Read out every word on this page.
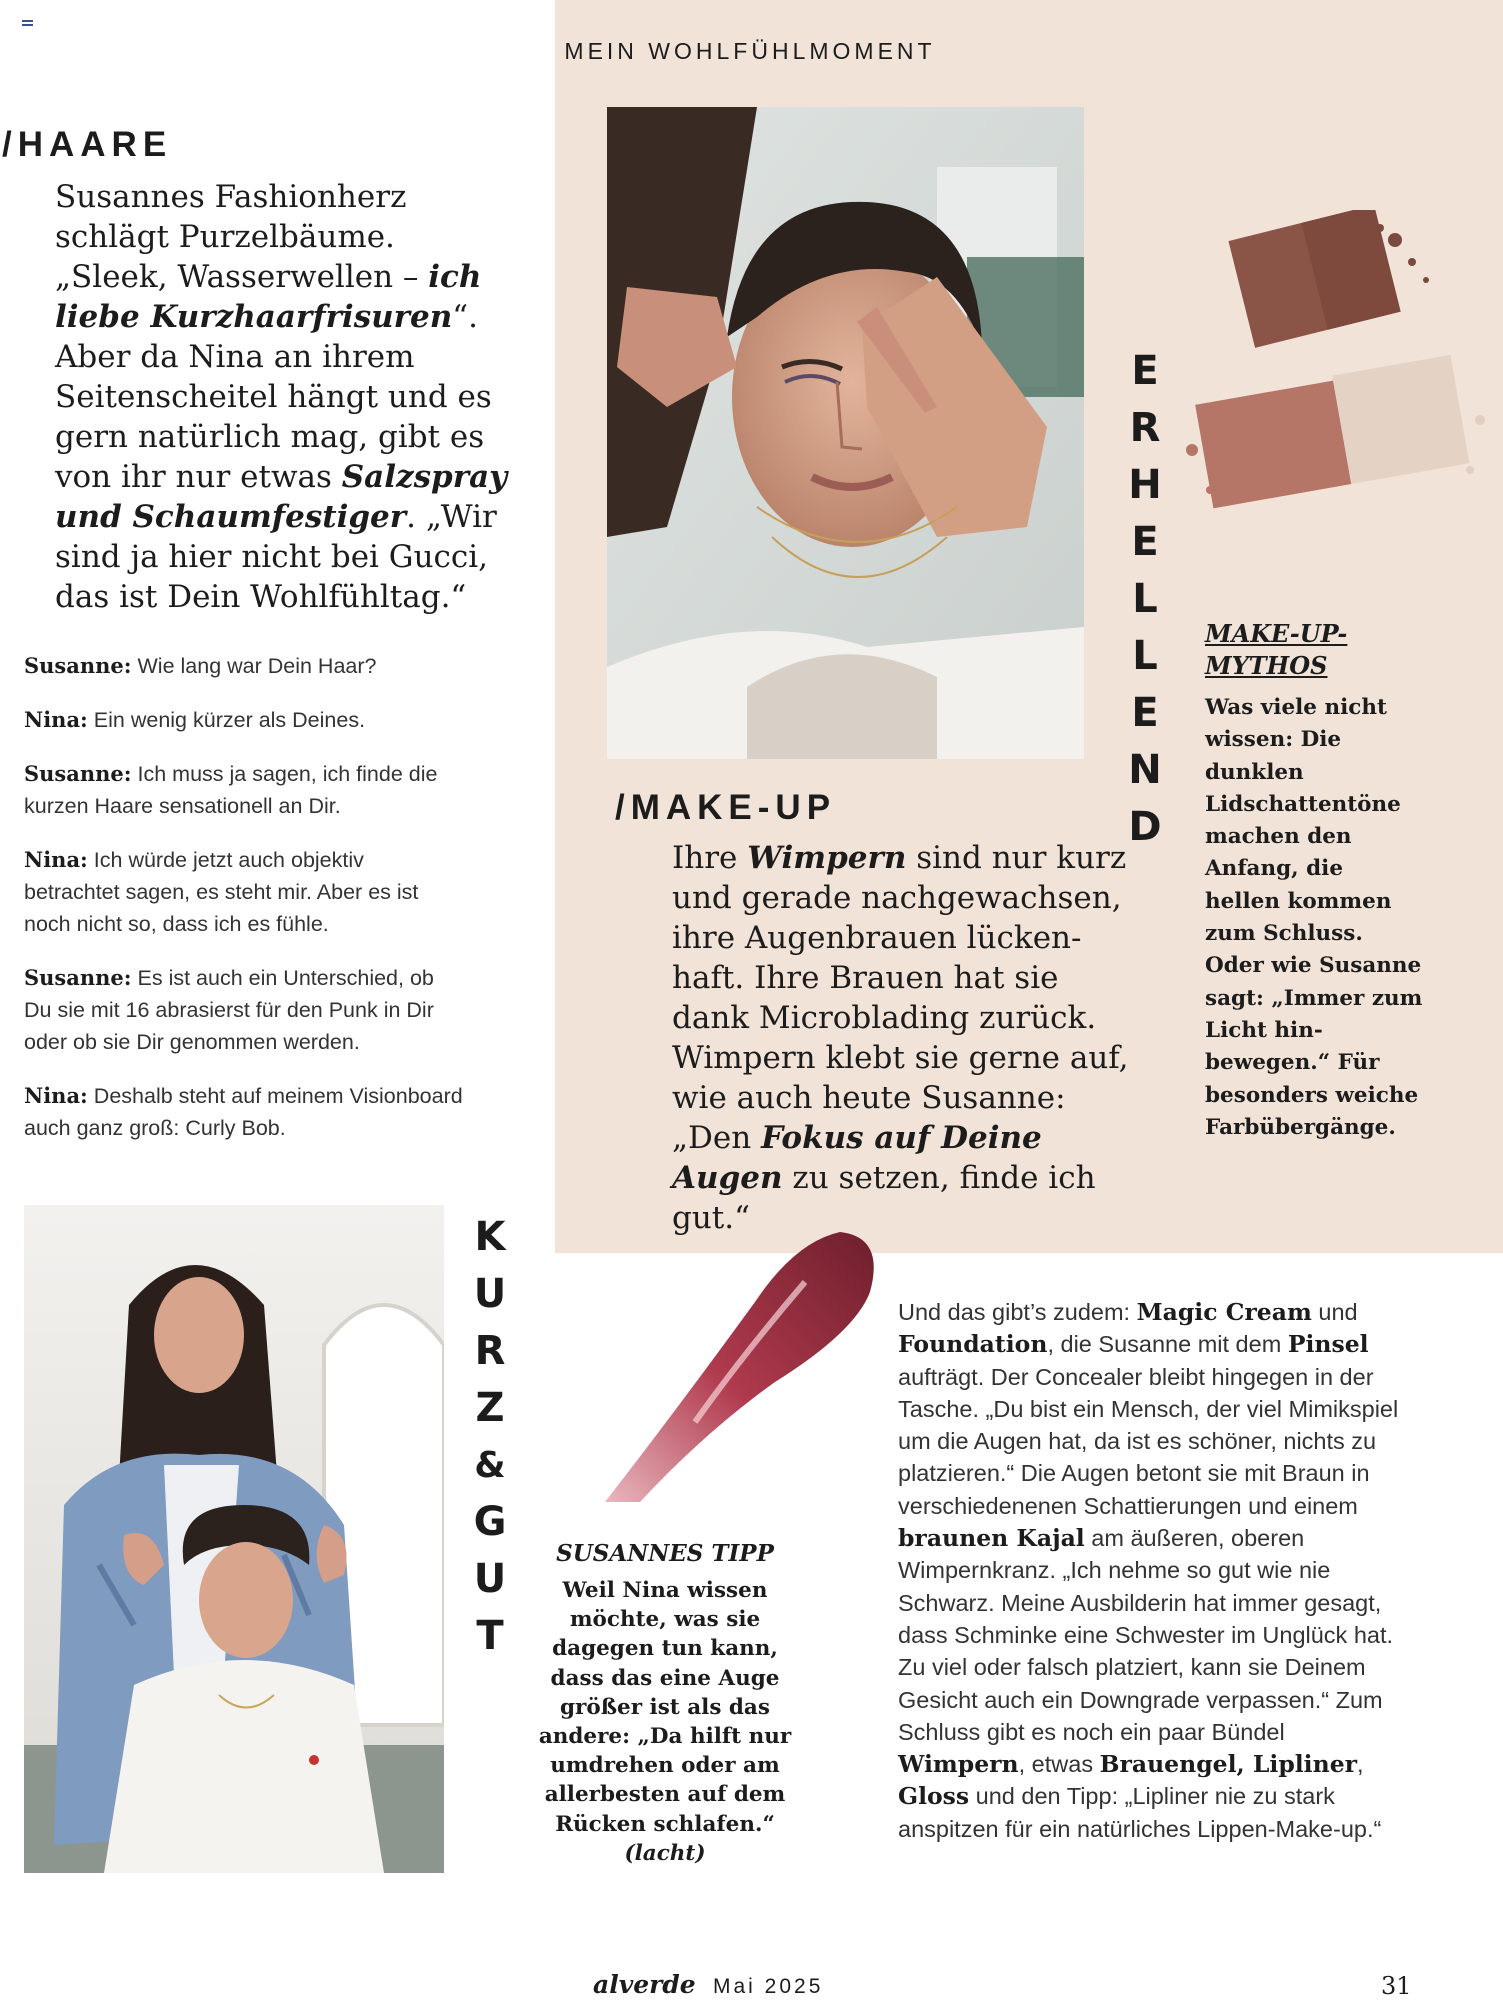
MEIN WOHLFÜHLMOMENT
/HAARE
Susannes Fashionherz schlägt Purzelbäume. „Sleek, Wasserwellen – ich liebe Kurzhaarfrisuren“. Aber da Nina an ihrem Seitenscheitel hängt und es gern natürlich mag, gibt es von ihr nur etwas Salzspray und Schaumfestiger. „Wir sind ja hier nicht bei Gucci, das ist Dein Wohlfühltag.“

Susanne: Wie lang war Dein Haar?

Nina: Ein wenig kürzer als Deines.

Susanne: Ich muss ja sagen, ich finde die kurzen Haare sensationell an Dir.

Nina: Ich würde jetzt auch objektiv betrachtet sagen, es steht mir. Aber es ist noch nicht so, dass ich es fühle.

Susanne: Es ist auch ein Unterschied, ob Du sie mit 16 abrasierst für den Punk in Dir oder ob sie Dir genommen werden.

Nina: Deshalb steht auf meinem Visionboard auch ganz groß: Curly Bob.

E
R
H
E
L
L
E
N
D
K
U
R
Z
&
G
U
T
/MAKE-UP
Ihre Wimpern sind nur kurz und gerade nachgewachsen, ihre Augenbrauen lückenhaft. Ihre Brauen hat sie dank Microblading zurück. Wimpern klebt sie gerne auf, wie auch heute Susanne: „Den Fokus auf Deine Augen zu setzen, finde ich gut.“
MAKE-UP-MYTHOS
Was viele nicht wissen: Die dunklen Lidschattentöne machen den Anfang, die hellen kommen zum Schluss. Oder wie Susanne sagt: „Immer zum Licht hinbewegen.“ Für besonders weiche Farbübergänge.
SUSANNES TIPP
Weil Nina wissen möchte, was sie dagegen tun kann, dass das eine Auge größer ist als das andere: „Da hilft nur umdrehen oder am allerbesten auf dem Rücken schlafen.“
(lacht)
Und das gibt’s zudem: Magic Cream und Foundation, die Susanne mit dem Pinsel aufträgt. Der Concealer bleibt hingegen in der Tasche. „Du bist ein Mensch, der viel Mimikspiel um die Augen hat, da ist es schöner, nichts zu platzieren.“ Die Augen betont sie mit Braun in verschiedenenen Schattierungen und einem braunen Kajal am äußeren, oberen Wimpernkranz. „Ich nehme so gut wie nie Schwarz. Meine Ausbilderin hat immer gesagt, dass Schminke eine Schwester im Unglück hat. Zu viel oder falsch platziert, kann sie Deinem Gesicht auch ein Downgrade verpassen.“ Zum Schluss gibt es noch ein paar Bündel Wimpern, etwas Brauengel, Lipliner, Gloss und den Tipp: „Lipliner nie zu stark anspitzen für ein natürliches Lippen-Make-up.“
alverde Mai 2025	31
